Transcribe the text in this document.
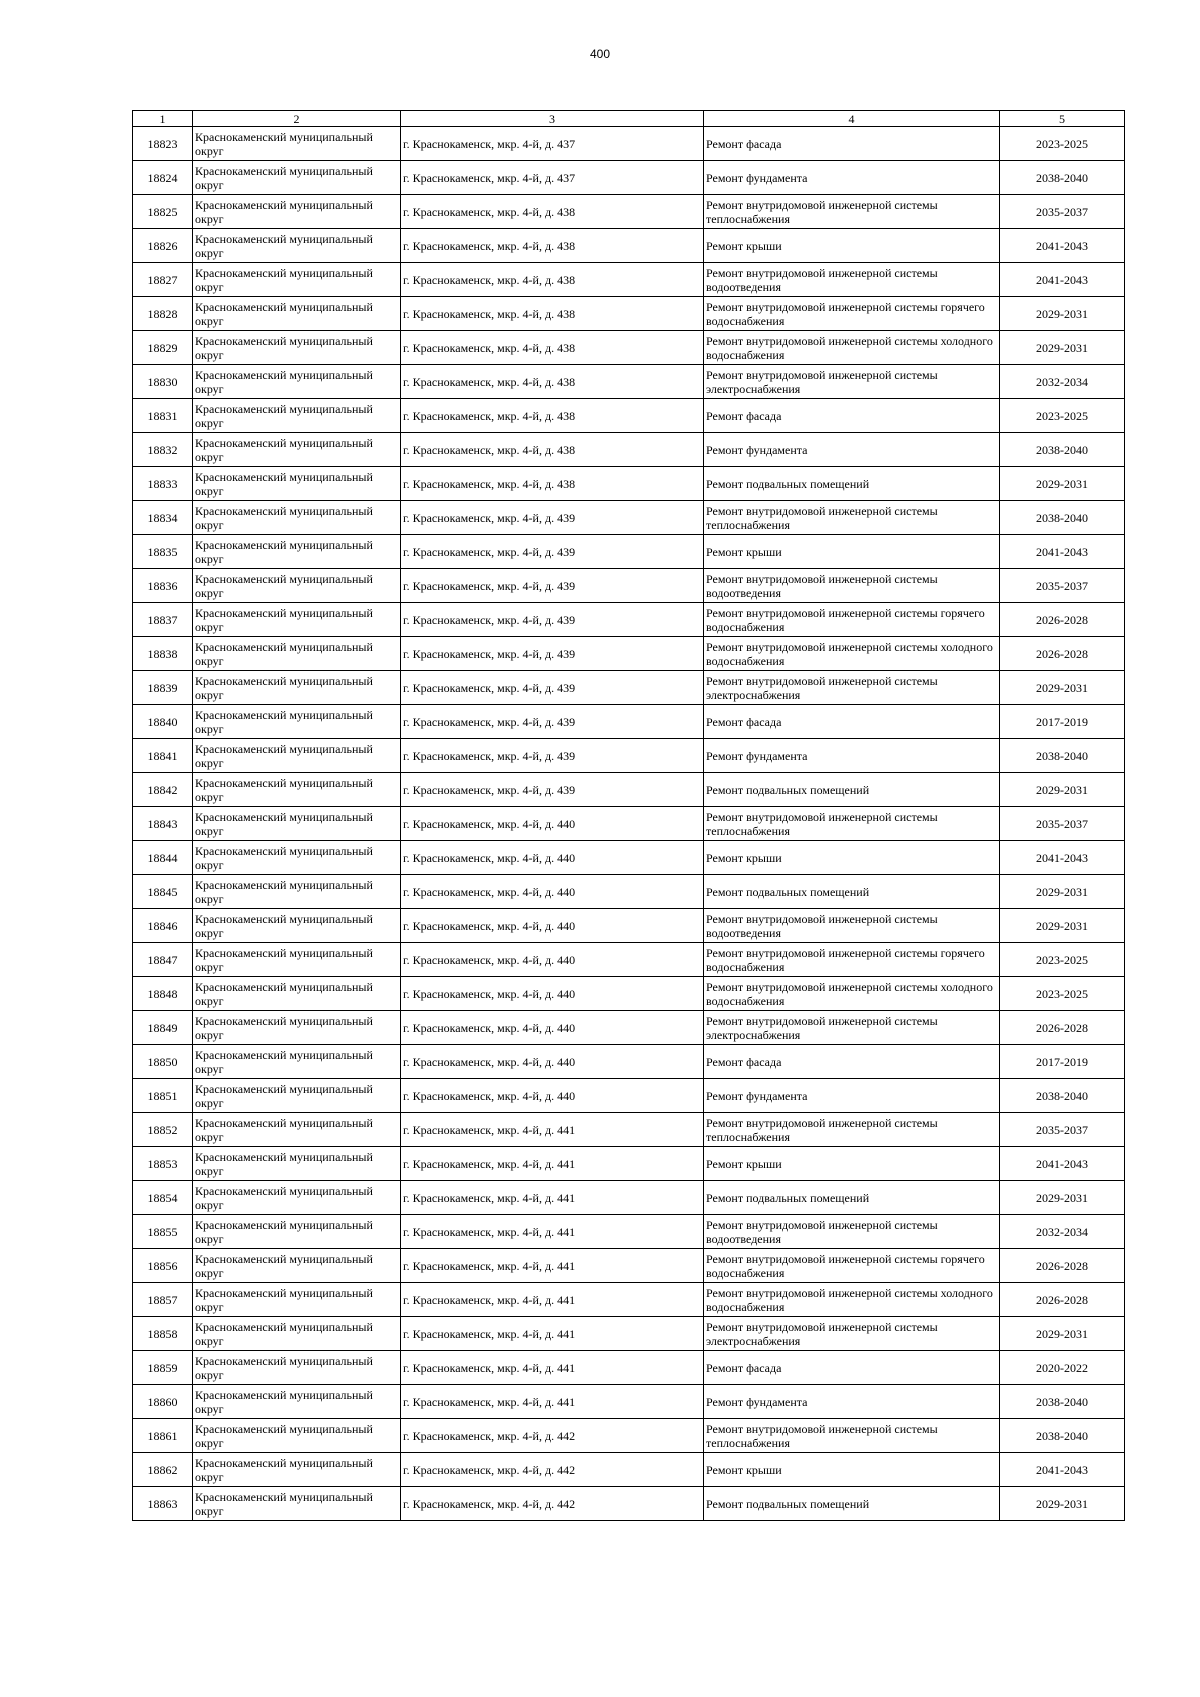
400
1	2	3	4	5
18823	Краснокаменский муниципальный округ	г. Краснокаменск, мкр. 4-й, д. 437	Ремонт фасада	2023-2025
18824	Краснокаменский муниципальный округ	г. Краснокаменск, мкр. 4-й, д. 437	Ремонт фундамента	2038-2040
18825	Краснокаменский муниципальный округ	г. Краснокаменск, мкр. 4-й, д. 438	Ремонт внутридомовой инженерной системы теплоснабжения	2035-2037
18826	Краснокаменский муниципальный округ	г. Краснокаменск, мкр. 4-й, д. 438	Ремонт крыши	2041-2043
18827	Краснокаменский муниципальный округ	г. Краснокаменск, мкр. 4-й, д. 438	Ремонт внутридомовой инженерной системы водоотведения	2041-2043
18828	Краснокаменский муниципальный округ	г. Краснокаменск, мкр. 4-й, д. 438	Ремонт внутридомовой инженерной системы горячего водоснабжения	2029-2031
18829	Краснокаменский муниципальный округ	г. Краснокаменск, мкр. 4-й, д. 438	Ремонт внутридомовой инженерной системы холодного водоснабжения	2029-2031
18830	Краснокаменский муниципальный округ	г. Краснокаменск, мкр. 4-й, д. 438	Ремонт внутридомовой инженерной системы электроснабжения	2032-2034
18831	Краснокаменский муниципальный округ	г. Краснокаменск, мкр. 4-й, д. 438	Ремонт фасада	2023-2025
18832	Краснокаменский муниципальный округ	г. Краснокаменск, мкр. 4-й, д. 438	Ремонт фундамента	2038-2040
18833	Краснокаменский муниципальный округ	г. Краснокаменск, мкр. 4-й, д. 438	Ремонт подвальных помещений	2029-2031
18834	Краснокаменский муниципальный округ	г. Краснокаменск, мкр. 4-й, д. 439	Ремонт внутридомовой инженерной системы теплоснабжения	2038-2040
18835	Краснокаменский муниципальный округ	г. Краснокаменск, мкр. 4-й, д. 439	Ремонт крыши	2041-2043
18836	Краснокаменский муниципальный округ	г. Краснокаменск, мкр. 4-й, д. 439	Ремонт внутридомовой инженерной системы водоотведения	2035-2037
18837	Краснокаменский муниципальный округ	г. Краснокаменск, мкр. 4-й, д. 439	Ремонт внутридомовой инженерной системы горячего водоснабжения	2026-2028
18838	Краснокаменский муниципальный округ	г. Краснокаменск, мкр. 4-й, д. 439	Ремонт внутридомовой инженерной системы холодного водоснабжения	2026-2028
18839	Краснокаменский муниципальный округ	г. Краснокаменск, мкр. 4-й, д. 439	Ремонт внутридомовой инженерной системы электроснабжения	2029-2031
18840	Краснокаменский муниципальный округ	г. Краснокаменск, мкр. 4-й, д. 439	Ремонт фасада	2017-2019
18841	Краснокаменский муниципальный округ	г. Краснокаменск, мкр. 4-й, д. 439	Ремонт фундамента	2038-2040
18842	Краснокаменский муниципальный округ	г. Краснокаменск, мкр. 4-й, д. 439	Ремонт подвальных помещений	2029-2031
18843	Краснокаменский муниципальный округ	г. Краснокаменск, мкр. 4-й, д. 440	Ремонт внутридомовой инженерной системы теплоснабжения	2035-2037
18844	Краснокаменский муниципальный округ	г. Краснокаменск, мкр. 4-й, д. 440	Ремонт крыши	2041-2043
18845	Краснокаменский муниципальный округ	г. Краснокаменск, мкр. 4-й, д. 440	Ремонт подвальных помещений	2029-2031
18846	Краснокаменский муниципальный округ	г. Краснокаменск, мкр. 4-й, д. 440	Ремонт внутридомовой инженерной системы водоотведения	2029-2031
18847	Краснокаменский муниципальный округ	г. Краснокаменск, мкр. 4-й, д. 440	Ремонт внутридомовой инженерной системы горячего водоснабжения	2023-2025
18848	Краснокаменский муниципальный округ	г. Краснокаменск, мкр. 4-й, д. 440	Ремонт внутридомовой инженерной системы холодного водоснабжения	2023-2025
18849	Краснокаменский муниципальный округ	г. Краснокаменск, мкр. 4-й, д. 440	Ремонт внутридомовой инженерной системы электроснабжения	2026-2028
18850	Краснокаменский муниципальный округ	г. Краснокаменск, мкр. 4-й, д. 440	Ремонт фасада	2017-2019
18851	Краснокаменский муниципальный округ	г. Краснокаменск, мкр. 4-й, д. 440	Ремонт фундамента	2038-2040
18852	Краснокаменский муниципальный округ	г. Краснокаменск, мкр. 4-й, д. 441	Ремонт внутридомовой инженерной системы теплоснабжения	2035-2037
18853	Краснокаменский муниципальный округ	г. Краснокаменск, мкр. 4-й, д. 441	Ремонт крыши	2041-2043
18854	Краснокаменский муниципальный округ	г. Краснокаменск, мкр. 4-й, д. 441	Ремонт подвальных помещений	2029-2031
18855	Краснокаменский муниципальный округ	г. Краснокаменск, мкр. 4-й, д. 441	Ремонт внутридомовой инженерной системы водоотведения	2032-2034
18856	Краснокаменский муниципальный округ	г. Краснокаменск, мкр. 4-й, д. 441	Ремонт внутридомовой инженерной системы горячего водоснабжения	2026-2028
18857	Краснокаменский муниципальный округ	г. Краснокаменск, мкр. 4-й, д. 441	Ремонт внутридомовой инженерной системы холодного водоснабжения	2026-2028
18858	Краснокаменский муниципальный округ	г. Краснокаменск, мкр. 4-й, д. 441	Ремонт внутридомовой инженерной системы электроснабжения	2029-2031
18859	Краснокаменский муниципальный округ	г. Краснокаменск, мкр. 4-й, д. 441	Ремонт фасада	2020-2022
18860	Краснокаменский муниципальный округ	г. Краснокаменск, мкр. 4-й, д. 441	Ремонт фундамента	2038-2040
18861	Краснокаменский муниципальный округ	г. Краснокаменск, мкр. 4-й, д. 442	Ремонт внутридомовой инженерной системы теплоснабжения	2038-2040
18862	Краснокаменский муниципальный округ	г. Краснокаменск, мкр. 4-й, д. 442	Ремонт крыши	2041-2043
18863	Краснокаменский муниципальный округ	г. Краснокаменск, мкр. 4-й, д. 442	Ремонт подвальных помещений	2029-2031
